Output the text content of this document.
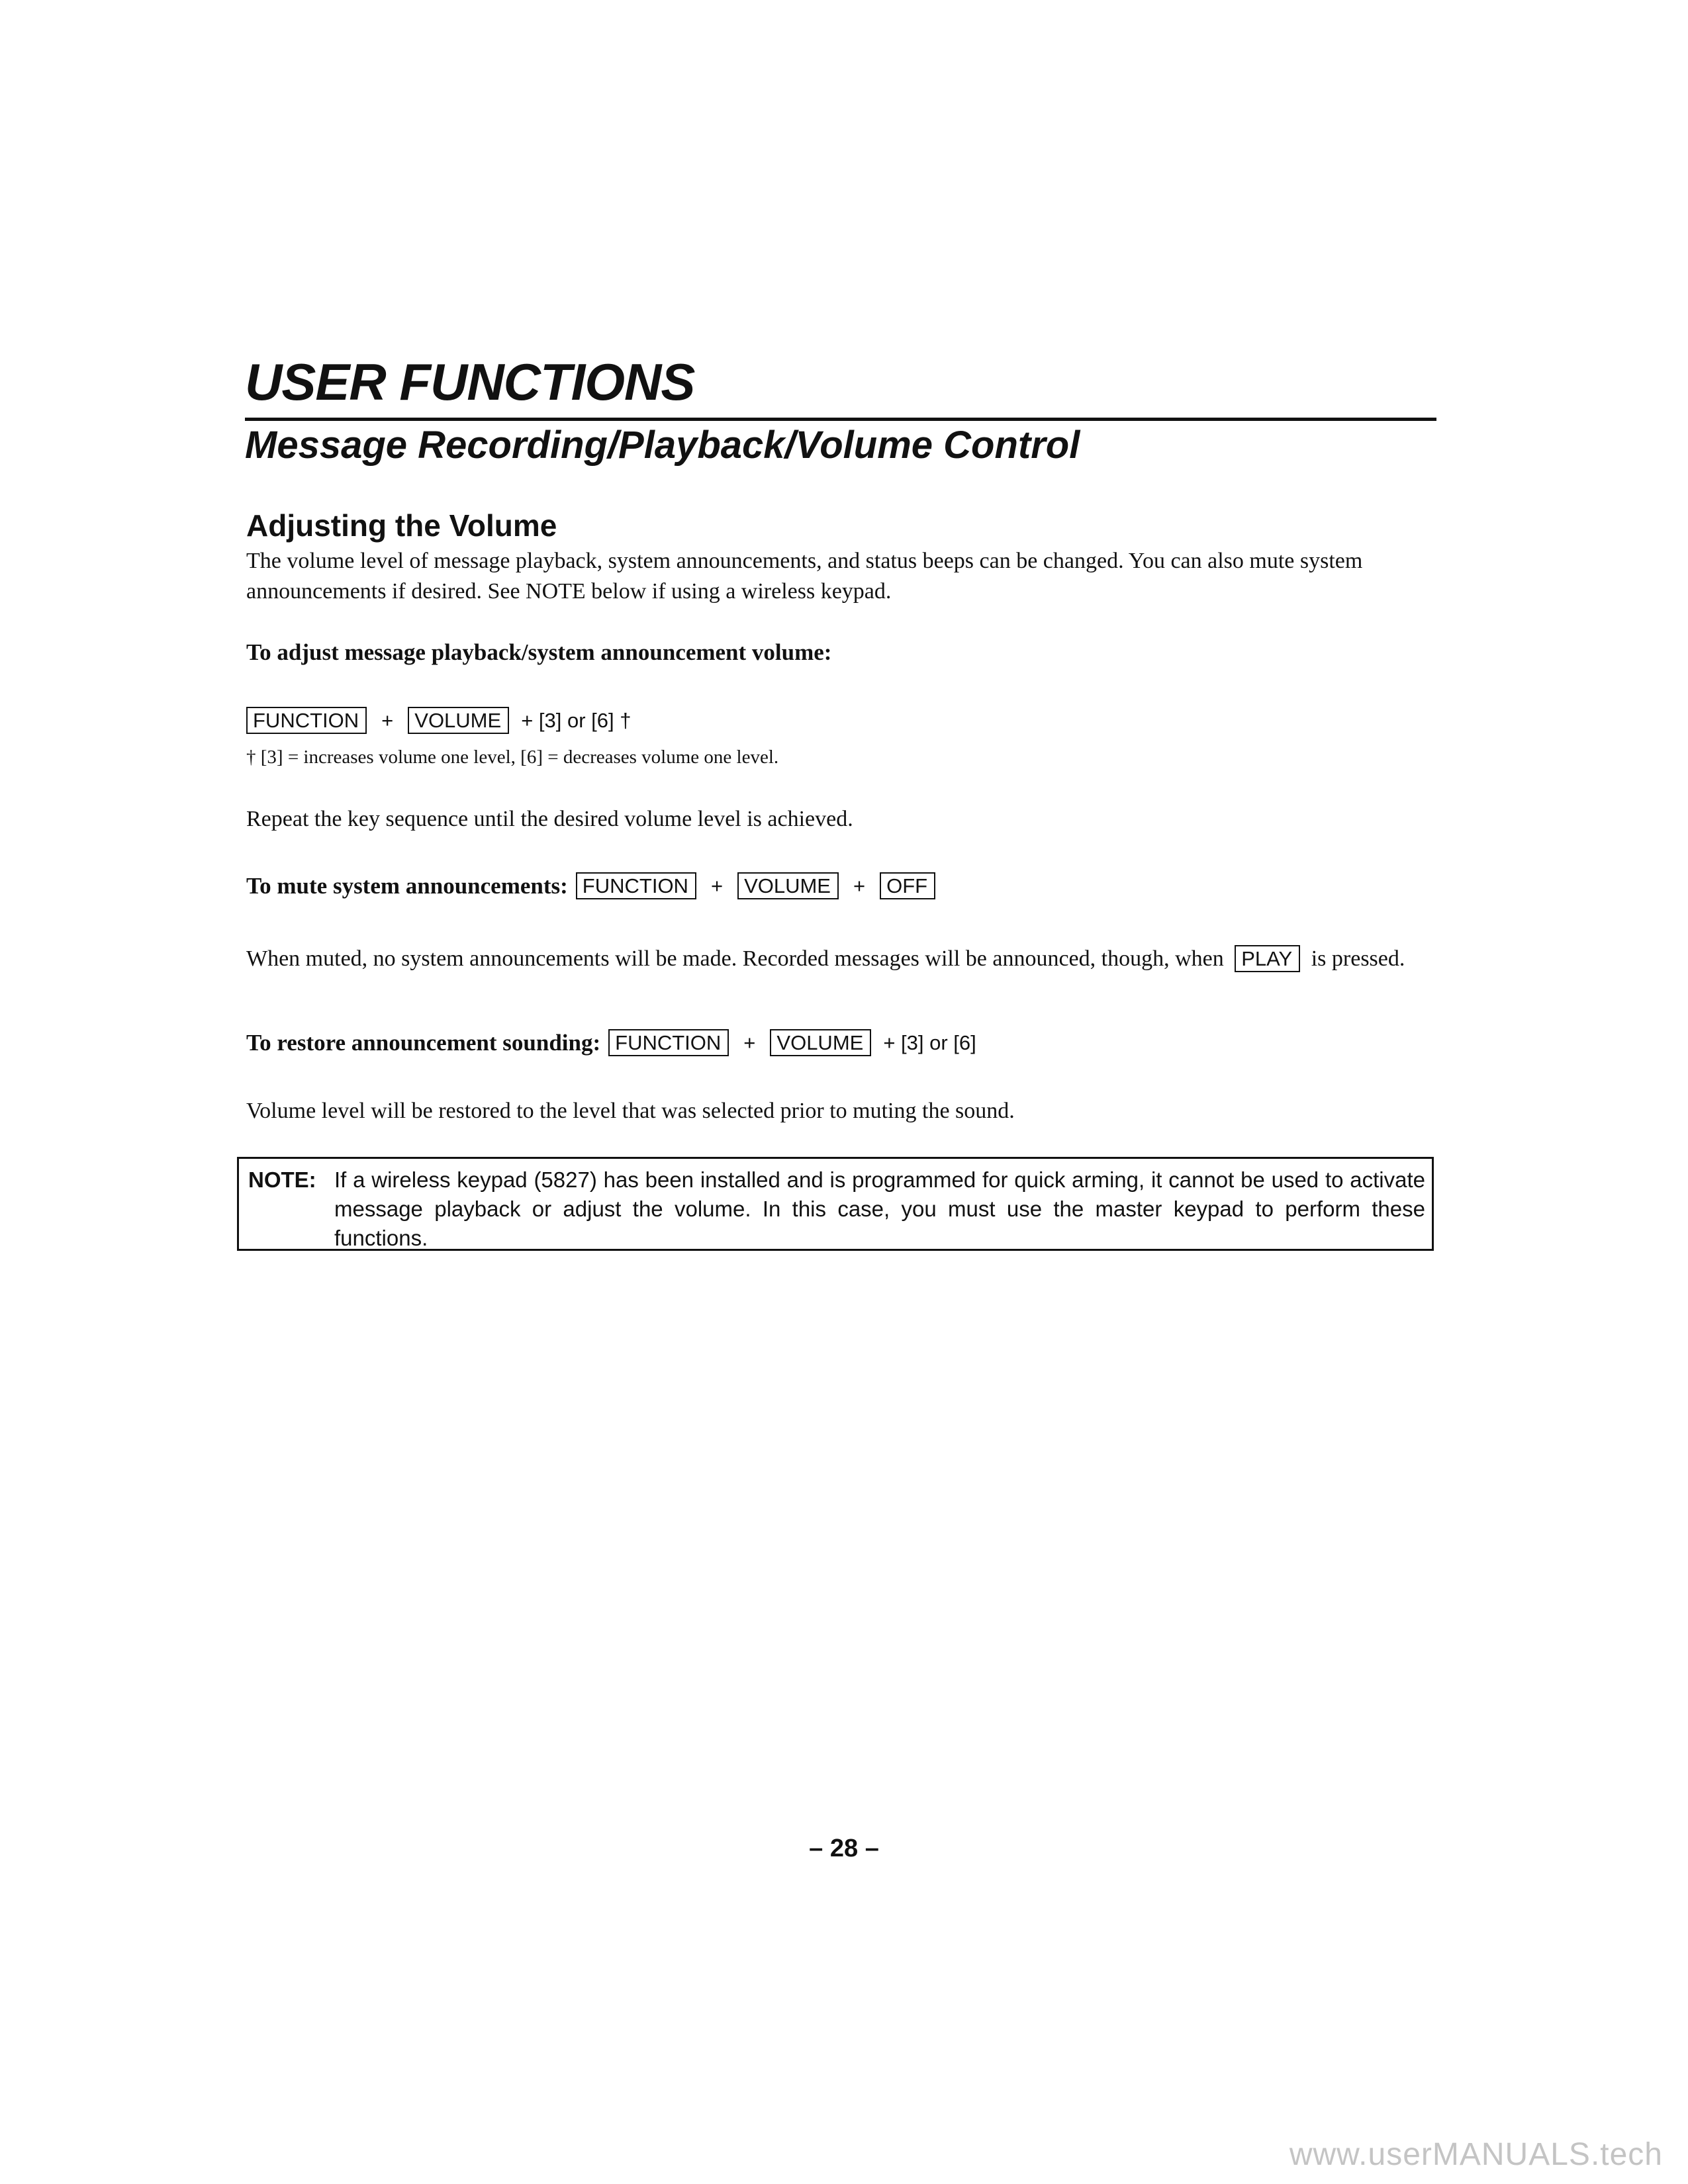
USER FUNCTIONS
Message Recording/Playback/Volume Control
Adjusting the Volume
The volume level of message playback, system announcements, and status beeps can be changed. You can also mute system announcements if desired. See NOTE below if using a wireless keypad.
To adjust message playback/system announcement volume:
FUNCTION	+	VOLUME + [3] or [6] †
† [3] = increases volume one level, [6] = decreases volume one level.
Repeat the key sequence until the desired volume level is achieved.
To mute system announcements: FUNCTION	+	VOLUME	+	OFF
When muted, no system announcements will be made. Recorded messages will be announced, though, when PLAY is pressed.
To restore announcement sounding: FUNCTION	+	VOLUME + [3] or [6]
Volume level will be restored to the level that was selected prior to muting the sound.
NOTE: If a wireless keypad (5827) has been installed and is programmed for quick arming, it cannot be used to activate message playback or adjust the volume. In this case, you must use the master keypad to perform these functions.
– 28 –
www.userMANUALS.tech
